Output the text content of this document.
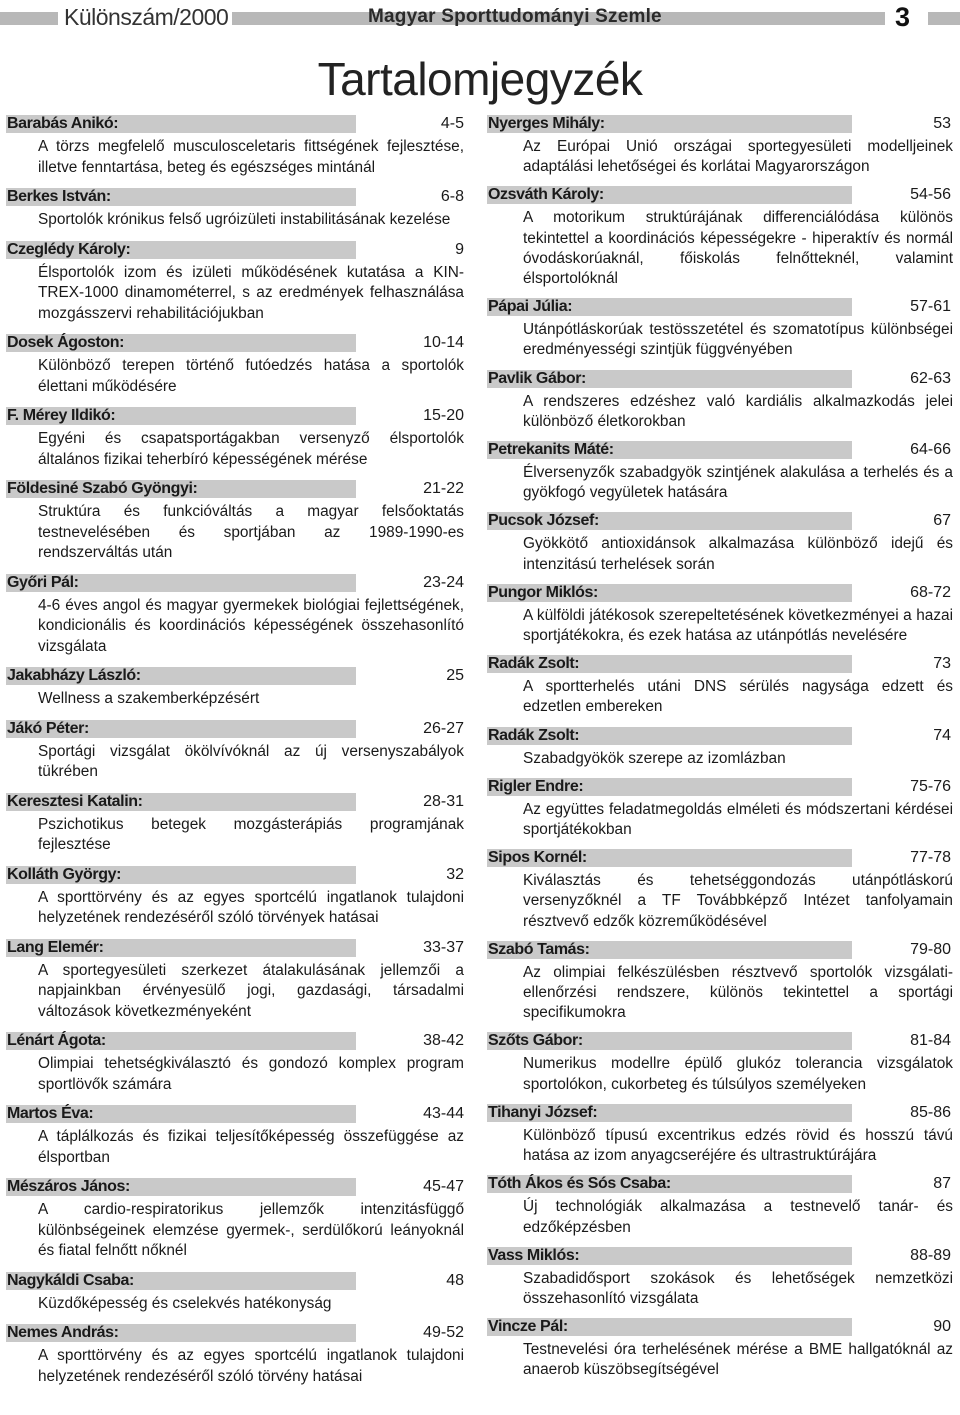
Különszám/2000	Magyar Sporttudományi Szemle	3
Tartalomjegyzék
Barabás Anikó:	4-5
A törzs megfelelő musculosceletaris fittségének fejlesztése, illetve fenntartása, beteg és egészséges mintánál
Berkes István:	6-8
Sportolók krónikus felső ugróizületi instabilitásának kezelése
Czeglédy Károly:	9
Élsportolók izom és izületi működésének kutatása a KIN-TREX-1000 dinamométerrel, s az eredmények felhasználása mozgásszervi rehabilitációjukban
Dosek Ágoston:	10-14
Különböző terepen történő futóedzés hatása a sportolók élettani működésére
F. Mérey Ildikó:	15-20
Egyéni és csapatsportágakban versenyző élsportolók általános fizikai teherbíró képességének mérése
Földesiné Szabó Gyöngyi:	21-22
Struktúra és funkcióváltás a magyar felsőoktatás testnevelésében és sportjában az 1989-1990-es rendszerváltás után
Győri Pál:	23-24
4-6 éves angol és magyar gyermekek biológiai fejlettségének, kondicionális és koordinációs képességének összehasonlító vizsgálata
Jakabházy László:	25
Wellness a szakemberképzésért
Jákó Péter:	26-27
Sportági vizsgálat ökölvívóknál az új versenyszabályok tükrében
Keresztesi Katalin:	28-31
Pszichotikus betegek mozgásterápiás programjának fejlesztése
Kolláth György:	32
A sporttörvény és az egyes sportcélú ingatlanok tulajdoni helyzetének rendezéséről szóló törvények hatásai
Lang Elemér:	33-37
A sportegyesületi szerkezet átalakulásának jellemzői a napjainkban érvényesülő jogi, gazdasági, társadalmi változások következményeként
Lénárt Ágota:	38-42
Olimpiai tehetségkiválasztó és gondozó komplex program sportlövők számára
Martos Éva:	43-44
A táplálkozás és fizikai teljesítőképesség összefüggése az élsportban
Mészáros János:	45-47
A cardio-respiratorikus jellemzők intenzitásfüggő különbségeinek elemzése gyermek-, serdülőkorú leányoknál és fiatal felnőtt nőknél
Nagykáldi Csaba:	48
Küzdőképesség és cselekvés hatékonyság
Nemes András:	49-52
A sporttörvény és az egyes sportcélú ingatlanok tulajdoni helyzetének rendezéséről szóló törvény hatásai
Nyerges Mihály:	53
Az Európai Unió országai sportegyesületi modelljeinek adaptálási lehetőségei és korlátai Magyarországon
Ozsváth Károly:	54-56
A motorikum struktúrájának differenciálódása különös tekintettel a koordinációs képességekre - hiperaktív és normál óvodáskorúaknál, főiskolás felnőtteknél, valamint élsportolóknál
Pápai Júlia:	57-61
Utánpótláskorúak testösszetétel és szomatotípus különbségei eredményességi szintjük függvényében
Pavlik Gábor:	62-63
A rendszeres edzéshez való kardiális alkalmazkodás jelei különböző életkorokban
Petrekanits Máté:	64-66
Élversenyzők szabadgyök szintjének alakulása a terhelés és a gyökfogó vegyületek hatására
Pucsok József:	67
Gyökkötő antioxidánsok alkalmazása különböző idejű és intenzitású terhelések során
Pungor Miklós:	68-72
A külföldi játékosok szerepeltetésének következményei a hazai sportjátékokra, és ezek hatása az utánpótlás nevelésére
Radák Zsolt:	73
A sportterhelés utáni DNS sérülés nagysága edzett és edzetlen embereken
Radák Zsolt:	74
Szabadgyökök szerepe az izomlázban
Rigler Endre:	75-76
Az együttes feladatmegoldás elméleti és módszertani kérdései sportjátékokban
Sipos Kornél:	77-78
Kiválasztás és tehetséggondozás utánpótláskorú versenyzőknél a TF Továbbképző Intézet tanfolyamain résztvevő edzők közreműködésével
Szabó Tamás:	79-80
Az olimpiai felkészülésben résztvevő sportolók vizsgálati-ellenőrzési rendszere, különös tekintettel a sportági specifikumokra
Szőts Gábor:	81-84
Numerikus modellre épülő glukóz tolerancia vizsgálatok sportolókon, cukorbeteg és túlsúlyos személyeken
Tihanyi József:	85-86
Különböző típusú excentrikus edzés rövid és hosszú távú hatása az izom anyagcseréjére és ultrastruktúrájára
Tóth Ákos és Sós Csaba:	87
Új technológiák alkalmazása a testnevelő tanár- és edzőképzésben
Vass Miklós:	88-89
Szabadidősport szokások és lehetőségek nemzetközi összehasonlító vizsgálata
Vincze Pál:	90
Testnevelési óra terhelésének mérése a BME hallgatóknál az anaerob küszöbsegítségével
